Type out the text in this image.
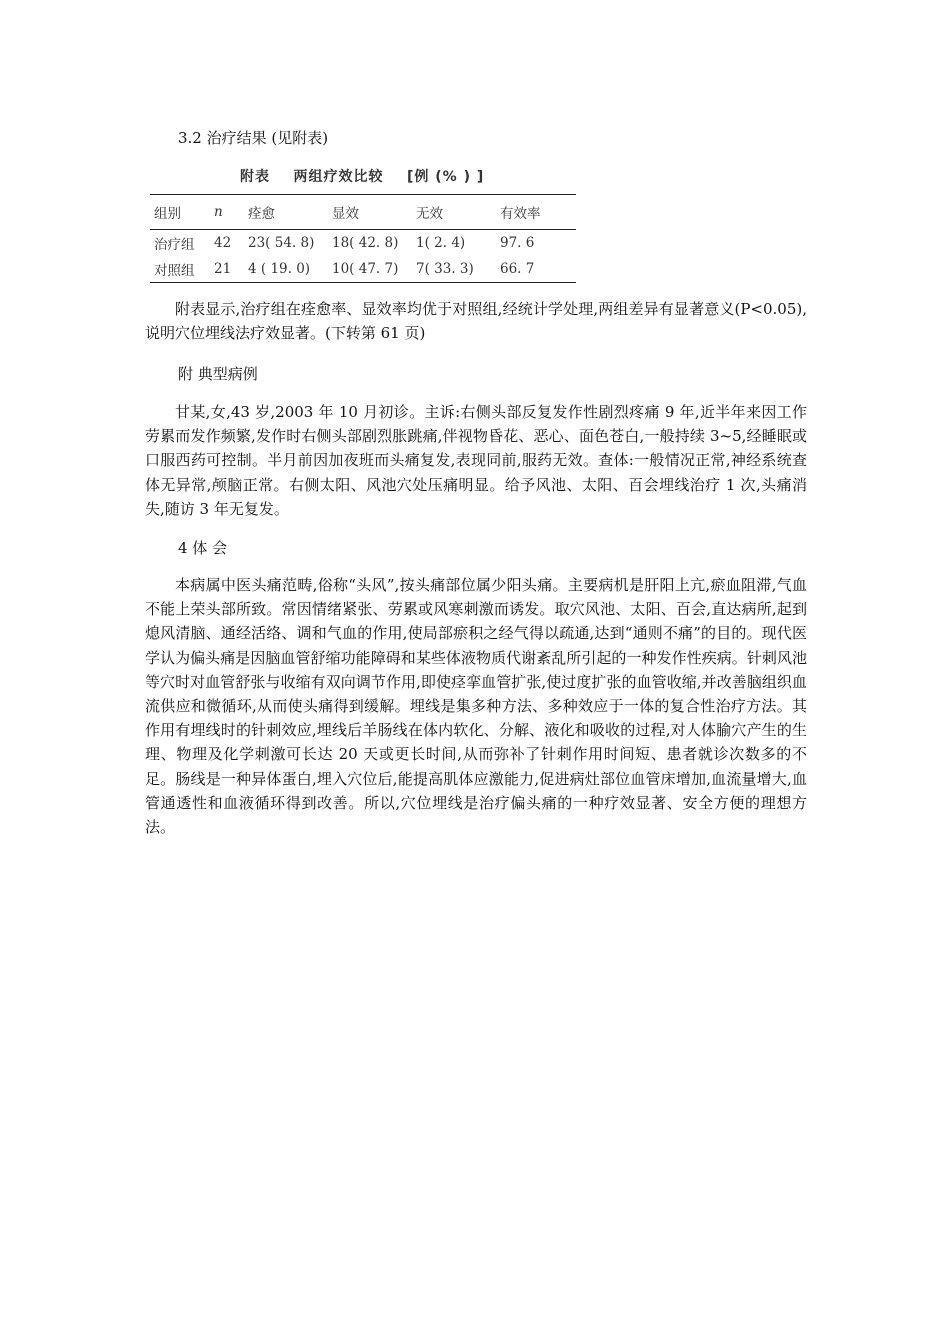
3.2 治疗结果 (见附表)
附表    两组疗效比较    [例 (% ) ]
组别	n	痊愈	显效	无效	有效率
治疗组	42	23( 54. 8)	18( 42. 8)	1( 2. 4)	97. 6
对照组	21	4 ( 19. 0)	10( 47. 7)	7( 33. 3)	66. 7

附表显示,治疗组在痊愈率、显效率均优于对照组,经统计学处理,两组差异有显著意义(P<0.05),说明穴位埋线法疗效显著。(下转第 61 页)

附 典型病例

甘某,女,43 岁,2003 年 10 月初诊。主诉:右侧头部反复发作性剧烈疼痛 9 年,近半年来因工作劳累而发作频繁,发作时右侧头部剧烈胀跳痛,伴视物昏花、恶心、面色苍白,一般持续 3~5,经睡眠或口服西药可控制。半月前因加夜班而头痛复发,表现同前,服药无效。查体:一般情况正常,神经系统查体无异常,颅脑正常。右侧太阳、风池穴处压痛明显。给予风池、太阳、百会埋线治疗 1 次,头痛消失,随访 3 年无复发。

4 体 会

本病属中医头痛范畴,俗称“头风”,按头痛部位属少阳头痛。主要病机是肝阳上亢,瘀血阻滞,气血不能上荣头部所致。常因情绪紧张、劳累或风寒刺激而诱发。取穴风池、太阳、百会,直达病所,起到熄风清脑、通经活络、调和气血的作用,使局部瘀积之经气得以疏通,达到“通则不痛”的目的。现代医学认为偏头痛是因脑血管舒缩功能障碍和某些体液物质代谢紊乱所引起的一种发作性疾病。针刺风池等穴时对血管舒张与收缩有双向调节作用,即使痉挛血管扩张,使过度扩张的血管收缩,并改善脑组织血流供应和微循环,从而使头痛得到缓解。埋线是集多种方法、多种效应于一体的复合性治疗方法。其作用有埋线时的针刺效应,埋线后羊肠线在体内软化、分解、液化和吸收的过程,对人体腧穴产生的生理、物理及化学刺激可长达 20 天或更长时间,从而弥补了针刺作用时间短、患者就诊次数多的不足。肠线是一种异体蛋白,埋入穴位后,能提高肌体应激能力,促进病灶部位血管床增加,血流量增大,血管通透性和血液循环得到改善。所以,穴位埋线是治疗偏头痛的一种疗效显著、安全方便的理想方法。
